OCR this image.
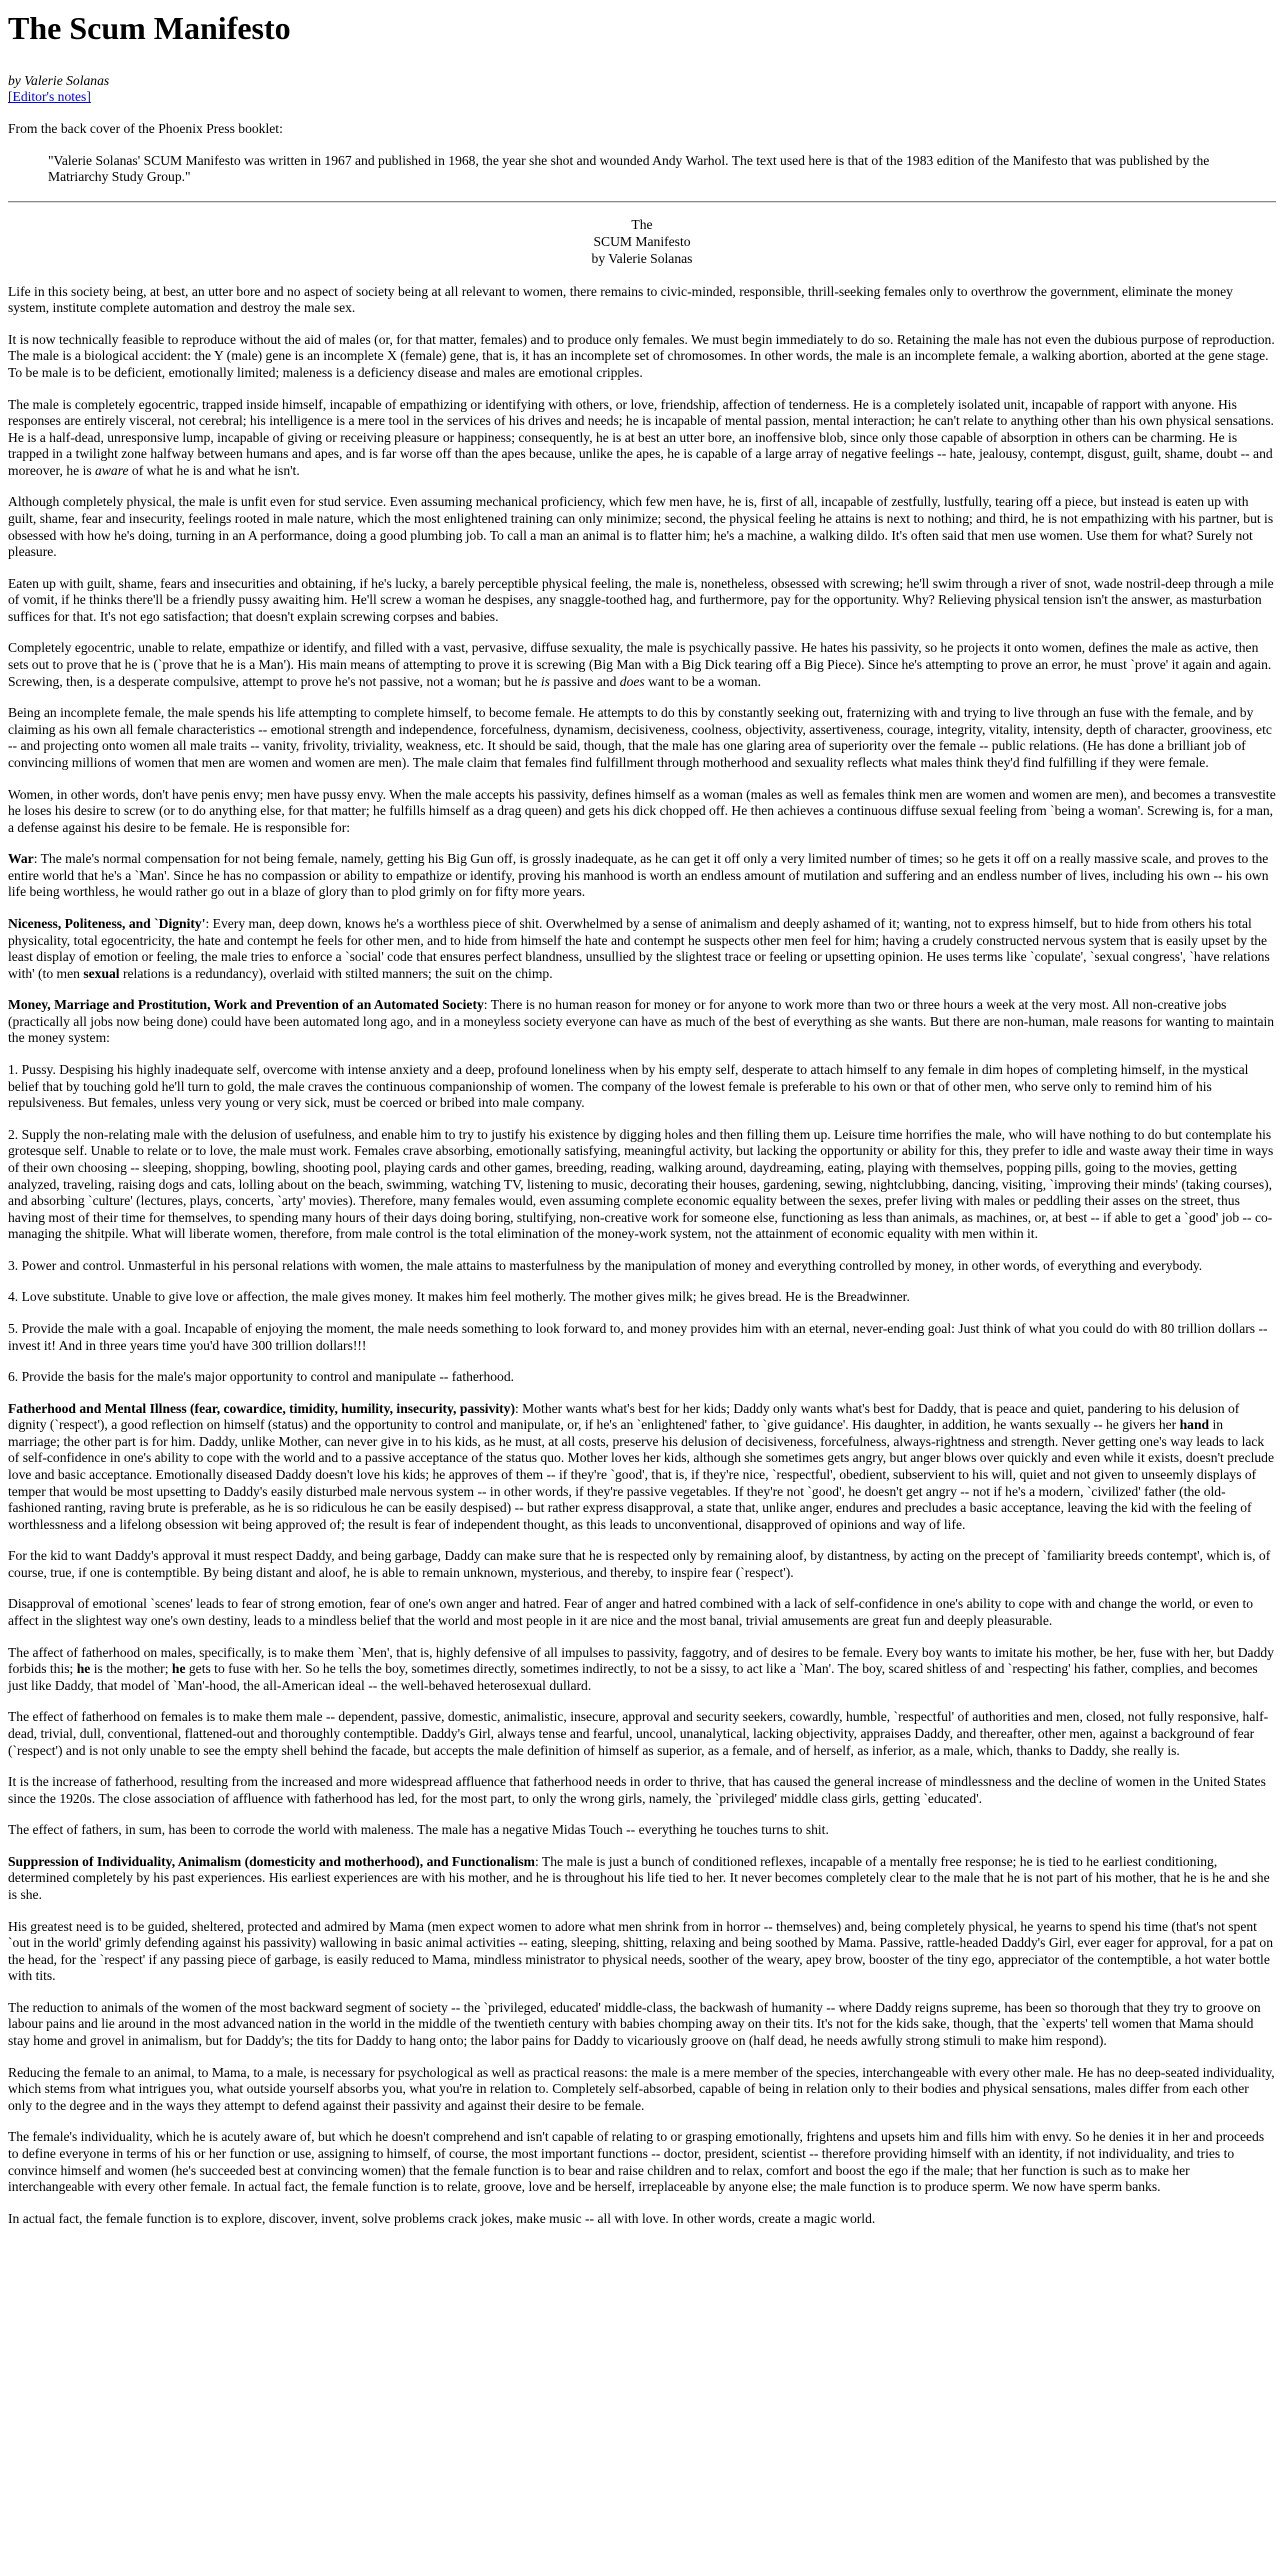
The Scum Manifesto

by Valerie Solanas

[Editor's notes]

From the back cover of the Phoenix Press booklet:

"Valerie Solanas' SCUM Manifesto was written in 1967 and published in 1968, the year she shot and wounded Andy Warhol. The text used here is that of the 1983 edition of the Manifesto that was published by the Matriarchy Study Group."
The
SCUM Manifesto
by Valerie Solanas

Life in this society being, at best, an utter bore and no aspect of society being at all relevant to women, there remains to civic-minded, responsible, thrill-seeking females only to overthrow the government, eliminate the money system, institute complete automation and destroy the male sex.

It is now technically feasible to reproduce without the aid of males (or, for that matter, females) and to produce only females. We must begin immediately to do so. Retaining the male has not even the dubious purpose of reproduction. The male is a biological accident: the Y (male) gene is an incomplete X (female) gene, that is, it has an incomplete set of chromosomes. In other words, the male is an incomplete female, a walking abortion, aborted at the gene stage. To be male is to be deficient, emotionally limited; maleness is a deficiency disease and males are emotional cripples.

The male is completely egocentric, trapped inside himself, incapable of empathizing or identifying with others, or love, friendship, affection of tenderness. He is a completely isolated unit, incapable of rapport with anyone. His responses are entirely visceral, not cerebral; his intelligence is a mere tool in the services of his drives and needs; he is incapable of mental passion, mental interaction; he can't relate to anything other than his own physical sensations. He is a half-dead, unresponsive lump, incapable of giving or receiving pleasure or happiness; consequently, he is at best an utter bore, an inoffensive blob, since only those capable of absorption in others can be charming. He is trapped in a twilight zone halfway between humans and apes, and is far worse off than the apes because, unlike the apes, he is capable of a large array of negative feelings -- hate, jealousy, contempt, disgust, guilt, shame, doubt -- and moreover, he is aware of what he is and what he isn't.

Although completely physical, the male is unfit even for stud service. Even assuming mechanical proficiency, which few men have, he is, first of all, incapable of zestfully, lustfully, tearing off a piece, but instead is eaten up with guilt, shame, fear and insecurity, feelings rooted in male nature, which the most enlightened training can only minimize; second, the physical feeling he attains is next to nothing; and third, he is not empathizing with his partner, but is obsessed with how he's doing, turning in an A performance, doing a good plumbing job. To call a man an animal is to flatter him; he's a machine, a walking dildo. It's often said that men use women. Use them for what? Surely not pleasure.

Eaten up with guilt, shame, fears and insecurities and obtaining, if he's lucky, a barely perceptible physical feeling, the male is, nonetheless, obsessed with screwing; he'll swim through a river of snot, wade nostril-deep through a mile of vomit, if he thinks there'll be a friendly pussy awaiting him. He'll screw a woman he despises, any snaggle-toothed hag, and furthermore, pay for the opportunity. Why? Relieving physical tension isn't the answer, as masturbation suffices for that. It's not ego satisfaction; that doesn't explain screwing corpses and babies.

Completely egocentric, unable to relate, empathize or identify, and filled with a vast, pervasive, diffuse sexuality, the male is psychically passive. He hates his passivity, so he projects it onto women, defines the male as active, then sets out to prove that he is (`prove that he is a Man'). His main means of attempting to prove it is screwing (Big Man with a Big Dick tearing off a Big Piece). Since he's attempting to prove an error, he must `prove' it again and again. Screwing, then, is a desperate compulsive, attempt to prove he's not passive, not a woman; but he is passive and does want to be a woman.

Being an incomplete female, the male spends his life attempting to complete himself, to become female. He attempts to do this by constantly seeking out, fraternizing with and trying to live through an fuse with the female, and by claiming as his own all female characteristics -- emotional strength and independence, forcefulness, dynamism, decisiveness, coolness, objectivity, assertiveness, courage, integrity, vitality, intensity, depth of character, grooviness, etc -- and projecting onto women all male traits -- vanity, frivolity, triviality, weakness, etc. It should be said, though, that the male has one glaring area of superiority over the female -- public relations. (He has done a brilliant job of convincing millions of women that men are women and women are men). The male claim that females find fulfillment through motherhood and sexuality reflects what males think they'd find fulfilling if they were female.

Women, in other words, don't have penis envy; men have pussy envy. When the male accepts his passivity, defines himself as a woman (males as well as females think men are women and women are men), and becomes a transvestite he loses his desire to screw (or to do anything else, for that matter; he fulfills himself as a drag queen) and gets his dick chopped off. He then achieves a continuous diffuse sexual feeling from `being a woman'. Screwing is, for a man, a defense against his desire to be female. He is responsible for:

War: The male's normal compensation for not being female, namely, getting his Big Gun off, is grossly inadequate, as he can get it off only a very limited number of times; so he gets it off on a really massive scale, and proves to the entire world that he's a `Man'. Since he has no compassion or ability to empathize or identify, proving his manhood is worth an endless amount of mutilation and suffering and an endless number of lives, including his own -- his own life being worthless, he would rather go out in a blaze of glory than to plod grimly on for fifty more years.

Niceness, Politeness, and `Dignity': Every man, deep down, knows he's a worthless piece of shit. Overwhelmed by a sense of animalism and deeply ashamed of it; wanting, not to express himself, but to hide from others his total physicality, total egocentricity, the hate and contempt he feels for other men, and to hide from himself the hate and contempt he suspects other men feel for him; having a crudely constructed nervous system that is easily upset by the least display of emotion or feeling, the male tries to enforce a `social' code that ensures perfect blandness, unsullied by the slightest trace or feeling or upsetting opinion. He uses terms like `copulate', `sexual congress', `have relations with' (to men sexual relations is a redundancy), overlaid with stilted manners; the suit on the chimp.

Money, Marriage and Prostitution, Work and Prevention of an Automated Society: There is no human reason for money or for anyone to work more than two or three hours a week at the very most. All non-creative jobs (practically all jobs now being done) could have been automated long ago, and in a moneyless society everyone can have as much of the best of everything as she wants. But there are non-human, male reasons for wanting to maintain the money system:

1. Pussy. Despising his highly inadequate self, overcome with intense anxiety and a deep, profound loneliness when by his empty self, desperate to attach himself to any female in dim hopes of completing himself, in the mystical belief that by touching gold he'll turn to gold, the male craves the continuous companionship of women. The company of the lowest female is preferable to his own or that of other men, who serve only to remind him of his repulsiveness. But females, unless very young or very sick, must be coerced or bribed into male company.

2. Supply the non-relating male with the delusion of usefulness, and enable him to try to justify his existence by digging holes and then filling them up. Leisure time horrifies the male, who will have nothing to do but contemplate his grotesque self. Unable to relate or to love, the male must work. Females crave absorbing, emotionally satisfying, meaningful activity, but lacking the opportunity or ability for this, they prefer to idle and waste away their time in ways of their own choosing -- sleeping, shopping, bowling, shooting pool, playing cards and other games, breeding, reading, walking around, daydreaming, eating, playing with themselves, popping pills, going to the movies, getting analyzed, traveling, raising dogs and cats, lolling about on the beach, swimming, watching TV, listening to music, decorating their houses, gardening, sewing, nightclubbing, dancing, visiting, `improving their minds' (taking courses), and absorbing `culture' (lectures, plays, concerts, `arty' movies). Therefore, many females would, even assuming complete economic equality between the sexes, prefer living with males or peddling their asses on the street, thus having most of their time for themselves, to spending many hours of their days doing boring, stultifying, non-creative work for someone else, functioning as less than animals, as machines, or, at best -- if able to get a `good' job -- co-managing the shitpile. What will liberate women, therefore, from male control is the total elimination of the money-work system, not the attainment of economic equality with men within it.

3. Power and control. Unmasterful in his personal relations with women, the male attains to masterfulness by the manipulation of money and everything controlled by money, in other words, of everything and everybody.

4. Love substitute. Unable to give love or affection, the male gives money. It makes him feel motherly. The mother gives milk; he gives bread. He is the Breadwinner.

5. Provide the male with a goal. Incapable of enjoying the moment, the male needs something to look forward to, and money provides him with an eternal, never-ending goal: Just think of what you could do with 80 trillion dollars -- invest it! And in three years time you'd have 300 trillion dollars!!!

6. Provide the basis for the male's major opportunity to control and manipulate -- fatherhood.

Fatherhood and Mental Illness (fear, cowardice, timidity, humility, insecurity, passivity): Mother wants what's best for her kids; Daddy only wants what's best for Daddy, that is peace and quiet, pandering to his delusion of dignity (`respect'), a good reflection on himself (status) and the opportunity to control and manipulate, or, if he's an `enlightened' father, to `give guidance'. His daughter, in addition, he wants sexually -- he givers her hand in marriage; the other part is for him. Daddy, unlike Mother, can never give in to his kids, as he must, at all costs, preserve his delusion of decisiveness, forcefulness, always-rightness and strength. Never getting one's way leads to lack of self-confidence in one's ability to cope with the world and to a passive acceptance of the status quo. Mother loves her kids, although she sometimes gets angry, but anger blows over quickly and even while it exists, doesn't preclude love and basic acceptance. Emotionally diseased Daddy doesn't love his kids; he approves of them -- if they're `good', that is, if they're nice, `respectful', obedient, subservient to his will, quiet and not given to unseemly displays of temper that would be most upsetting to Daddy's easily disturbed male nervous system -- in other words, if they're passive vegetables. If they're not `good', he doesn't get angry -- not if he's a modern, `civilized' father (the old-fashioned ranting, raving brute is preferable, as he is so ridiculous he can be easily despised) -- but rather express disapproval, a state that, unlike anger, endures and precludes a basic acceptance, leaving the kid with the feeling of worthlessness and a lifelong obsession wit being approved of; the result is fear of independent thought, as this leads to unconventional, disapproved of opinions and way of life.

For the kid to want Daddy's approval it must respect Daddy, and being garbage, Daddy can make sure that he is respected only by remaining aloof, by distantness, by acting on the precept of `familiarity breeds contempt', which is, of course, true, if one is contemptible. By being distant and aloof, he is able to remain unknown, mysterious, and thereby, to inspire fear (`respect').

Disapproval of emotional `scenes' leads to fear of strong emotion, fear of one's own anger and hatred. Fear of anger and hatred combined with a lack of self-confidence in one's ability to cope with and change the world, or even to affect in the slightest way one's own destiny, leads to a mindless belief that the world and most people in it are nice and the most banal, trivial amusements are great fun and deeply pleasurable.

The affect of fatherhood on males, specifically, is to make them `Men', that is, highly defensive of all impulses to passivity, faggotry, and of desires to be female. Every boy wants to imitate his mother, be her, fuse with her, but Daddy forbids this; he is the mother; he gets to fuse with her. So he tells the boy, sometimes directly, sometimes indirectly, to not be a sissy, to act like a `Man'. The boy, scared shitless of and `respecting' his father, complies, and becomes just like Daddy, that model of `Man'-hood, the all-American ideal -- the well-behaved heterosexual dullard.

The effect of fatherhood on females is to make them male -- dependent, passive, domestic, animalistic, insecure, approval and security seekers, cowardly, humble, `respectful' of authorities and men, closed, not fully responsive, half-dead, trivial, dull, conventional, flattened-out and thoroughly contemptible. Daddy's Girl, always tense and fearful, uncool, unanalytical, lacking objectivity, appraises Daddy, and thereafter, other men, against a background of fear (`respect') and is not only unable to see the empty shell behind the facade, but accepts the male definition of himself as superior, as a female, and of herself, as inferior, as a male, which, thanks to Daddy, she really is.

It is the increase of fatherhood, resulting from the increased and more widespread affluence that fatherhood needs in order to thrive, that has caused the general increase of mindlessness and the decline of women in the United States since the 1920s. The close association of affluence with fatherhood has led, for the most part, to only the wrong girls, namely, the `privileged' middle class girls, getting `educated'.

The effect of fathers, in sum, has been to corrode the world with maleness. The male has a negative Midas Touch -- everything he touches turns to shit.

Suppression of Individuality, Animalism (domesticity and motherhood), and Functionalism: The male is just a bunch of conditioned reflexes, incapable of a mentally free response; he is tied to he earliest conditioning, determined completely by his past experiences. His earliest experiences are with his mother, and he is throughout his life tied to her. It never becomes completely clear to the male that he is not part of his mother, that he is he and she is she.

His greatest need is to be guided, sheltered, protected and admired by Mama (men expect women to adore what men shrink from in horror -- themselves) and, being completely physical, he yearns to spend his time (that's not spent `out in the world' grimly defending against his passivity) wallowing in basic animal activities -- eating, sleeping, shitting, relaxing and being soothed by Mama. Passive, rattle-headed Daddy's Girl, ever eager for approval, for a pat on the head, for the `respect' if any passing piece of garbage, is easily reduced to Mama, mindless ministrator to physical needs, soother of the weary, apey brow, booster of the tiny ego, appreciator of the contemptible, a hot water bottle with tits.

The reduction to animals of the women of the most backward segment of society -- the `privileged, educated' middle-class, the backwash of humanity -- where Daddy reigns supreme, has been so thorough that they try to groove on labour pains and lie around in the most advanced nation in the world in the middle of the twentieth century with babies chomping away on their tits. It's not for the kids sake, though, that the `experts' tell women that Mama should stay home and grovel in animalism, but for Daddy's; the tits for Daddy to hang onto; the labor pains for Daddy to vicariously groove on (half dead, he needs awfully strong stimuli to make him respond).

Reducing the female to an animal, to Mama, to a male, is necessary for psychological as well as practical reasons: the male is a mere member of the species, interchangeable with every other male. He has no deep-seated individuality, which stems from what intrigues you, what outside yourself absorbs you, what you're in relation to. Completely self-absorbed, capable of being in relation only to their bodies and physical sensations, males differ from each other only to the degree and in the ways they attempt to defend against their passivity and against their desire to be female.

The female's individuality, which he is acutely aware of, but which he doesn't comprehend and isn't capable of relating to or grasping emotionally, frightens and upsets him and fills him with envy. So he denies it in her and proceeds to define everyone in terms of his or her function or use, assigning to himself, of course, the most important functions -- doctor, president, scientist -- therefore providing himself with an identity, if not individuality, and tries to convince himself and women (he's succeeded best at convincing women) that the female function is to bear and raise children and to relax, comfort and boost the ego if the male; that her function is such as to make her interchangeable with every other female. In actual fact, the female function is to relate, groove, love and be herself, irreplaceable by anyone else; the male function is to produce sperm. We now have sperm banks.

In actual fact, the female function is to explore, discover, invent, solve problems crack jokes, make music -- all with love. In other words, create a magic world.
